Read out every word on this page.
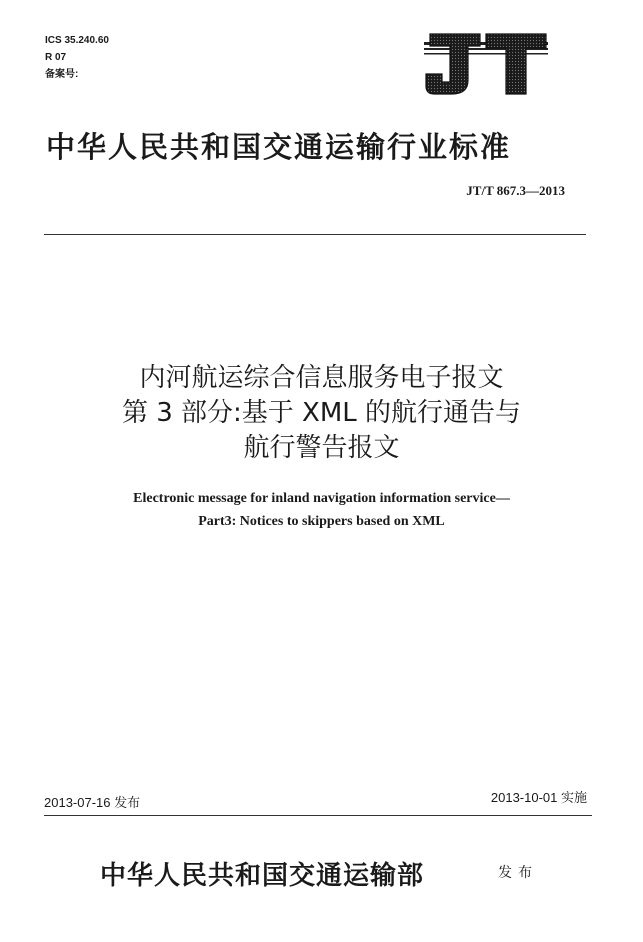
ICS 35.240.60
R 07
备案号:
中华人民共和国交通运输行业标准
JT/T 867.3—2013
内河航运综合信息服务电子报文
第 3 部分:基于 XML 的航行通告与
航行警告报文
Electronic message for inland navigation information service—
Part3: Notices to skippers based on XML
2013-07-16 发布	2013-10-01 实施
中华人民共和国交通运输部	发布
